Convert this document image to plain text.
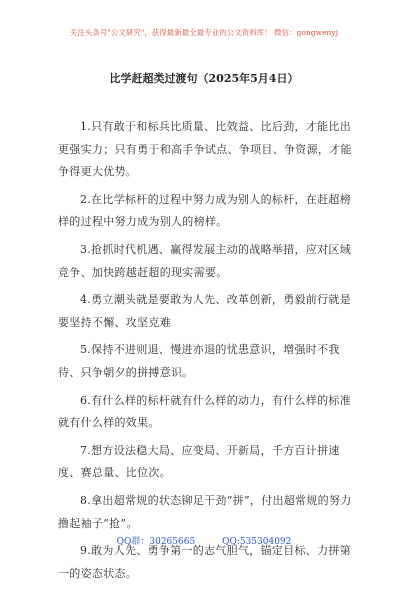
关注头条号"公文研究"，获得最新最全最专业的公文资料库！ 微信：gongwenyj
比学赶超类过渡句（2025年5月4日）

1.只有敢于和标兵比质量、比效益、比后劲，才能比出更强实力；只有勇于和高手争试点、争项目、争资源，才能争得更大优势。

2.在比学标杆的过程中努力成为别人的标杆，在赶超榜样的过程中努力成为别人的榜样。

3.抢抓时代机遇、赢得发展主动的战略举措，应对区域竞争、加快跨越赶超的现实需要。

4.勇立潮头就是要敢为人先、改革创新，勇毅前行就是要坚持不懈、攻坚克难

5.保持不进则退、慢进亦退的忧患意识，增强时不我待、只争朝夕的拼搏意识。

6.有什么样的标杆就有什么样的动力，有什么样的标准就有什么样的效果。

7.想方设法稳大局、应变局、开新局，千方百计拼速度、赛总量、比位次。

8.拿出超常规的状态铆足干劲“拼”，付出超常规的努力撸起袖子“抢”。

9.敢为人先、勇争第一的志气胆气，锚定目标、力拼第一的姿态状态。

QQ群：30265665	QQ:535304092
